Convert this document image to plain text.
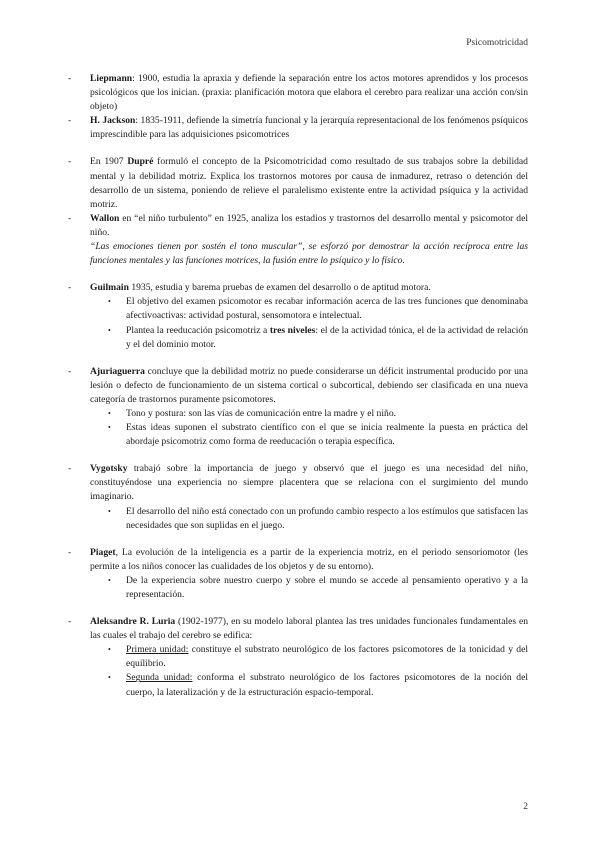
Psicomotricidad
- Liepmann: 1900, estudia la apraxia y defiende la separación entre los actos motores aprendidos y los procesos psicológicos que los inician. (praxia: planificación motora que elabora el cerebro para realizar una acción con/sin objeto)

- H. Jackson: 1835-1911, defiende la simetría funcional y la jerarquía representacional de los fenómenos psíquicos imprescindible para las adquisiciones psicomotrices

- En 1907 Dupré formuló el concepto de la Psicomotricidad como resultado de sus trabajos sobre la debilidad mental y la debilidad motriz. Explica los trastornos motores por causa de inmadurez, retraso o detención del desarrollo de un sistema, poniendo de relieve el paralelismo existente entre la actividad psíquica y la actividad motriz.

- Wallon en “el niño turbulento” en 1925, analiza los estadios y trastornos del desarrollo mental y psicomotor del niño.

“Las emociones tienen por sostén el tono muscular”, se esforzó por demostrar la acción recíproca entre las funciones mentales y las funciones motrices, la fusión entre lo psíquico y lo físico.

- Guilmain 1935, estudia y barema pruebas de examen del desarrollo o de aptitud motora.

• El objetivo del examen psicomotor es recabar información acerca de las tres funciones que denominaba afectivoactivas: actividad postural, sensomotora e intelectual.

• Plantea la reeducación psicomotriz a tres niveles: el de la actividad tónica, el de la actividad de relación y el del dominio motor.

- Ajuriaguerra concluye que la debilidad motriz no puede considerarse un déficit instrumental producido por una lesión o defecto de funcionamiento de un sistema cortical o subcortical, debiendo ser clasificada en una nueva categoría de trastornos puramente psicomotores.

• Tono y postura: son las vías de comunicación entre la madre y el niño.

• Estas ideas suponen el substrato científico con el que se inicia realmente la puesta en práctica del abordaje psicomotriz como forma de reeducación o terapia específica.

- Vygotsky trabajó sobre la importancia de juego y observó que el juego es una necesidad del niño, constituyéndose una experiencia no siempre placentera que se relaciona con el surgimiento del mundo imaginario.

• El desarrollo del niño está conectado con un profundo cambio respecto a los estímulos que satisfacen las necesidades que son suplidas en el juego.

- Piaget, La evolución de la inteligencia es a partir de la experiencia motriz, en el periodo sensoriomotor (les permite a los niños conocer las cualidades de los objetos y de su entorno).

• De la experiencia sobre nuestro cuerpo y sobre el mundo se accede al pensamiento operativo y a la representación.

- Aleksandre R. Luria (1902-1977), en su modelo laboral plantea las tres unidades funcionales fundamentales en las cuales el trabajo del cerebro se edifica:

• Primera unidad: constituye el substrato neurológico de los factores psicomotores de la tonicidad y del equilibrio.

• Segunda unidad: conforma el substrato neurológico de los factores psicomotores de la noción del cuerpo, la lateralización y de la estructuración espacio-temporal.

2
